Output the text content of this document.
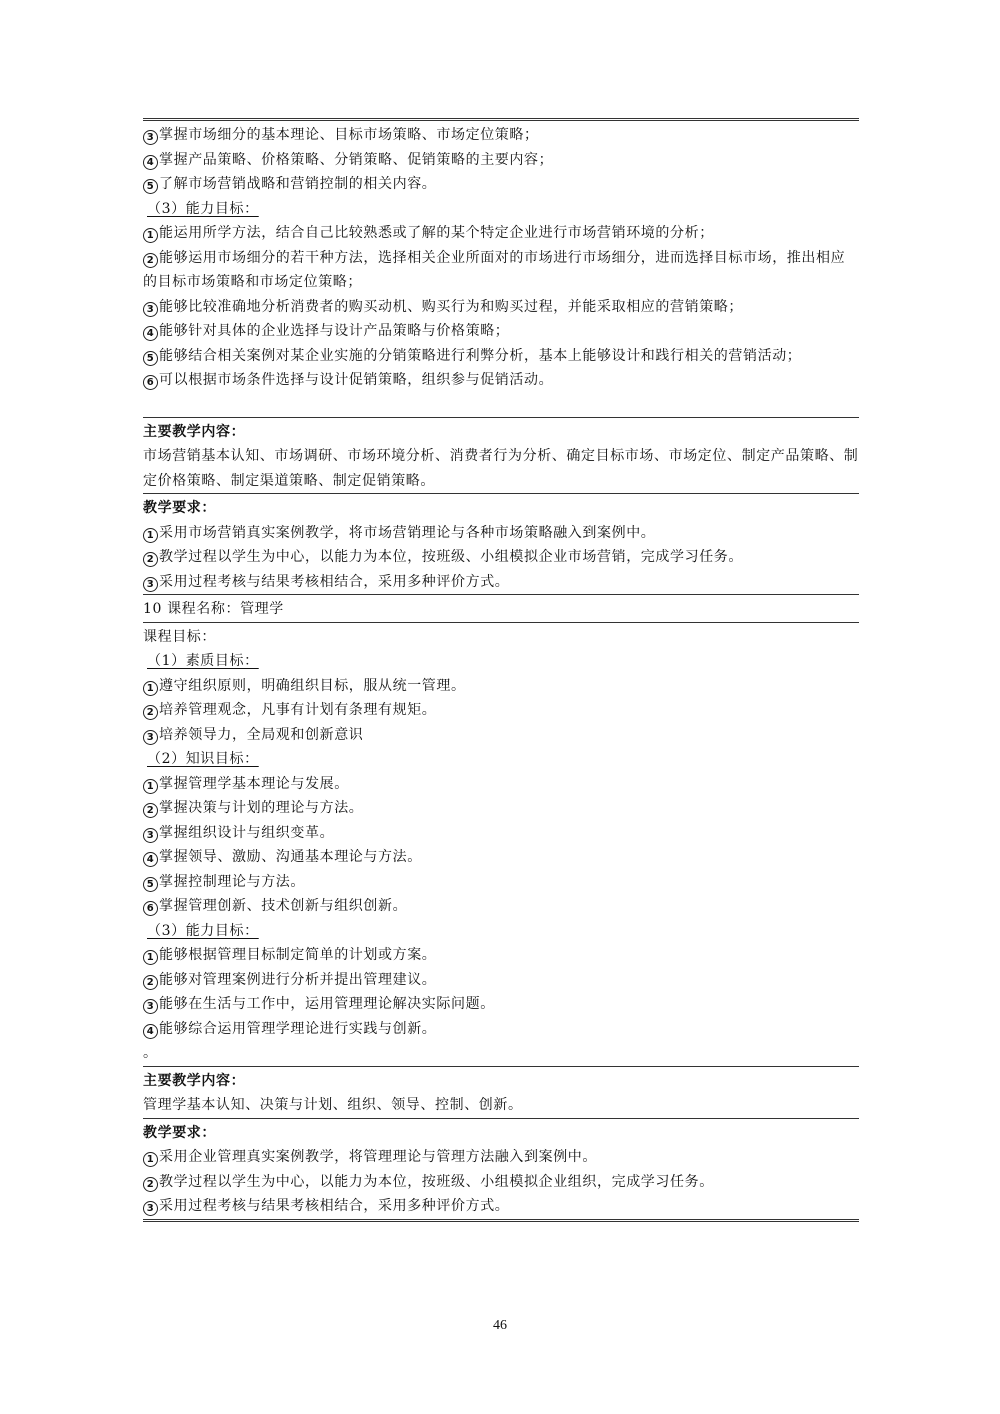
3 掌握市场细分的基本理论、目标市场策略、市场定位策略；
4 掌握产品策略、价格策略、分销策略、促销策略的主要内容；
5 了解市场营销战略和营销控制的相关内容。
（3）能力目标：
1 能运用所学方法，结合自己比较熟悉或了解的某个特定企业进行市场营销环境的分析；
2 能够运用市场细分的若干种方法，选择相关企业所面对的市场进行市场细分，进而选择目标市场，推出相应的目标市场策略和市场定位策略；
3 能够比较准确地分析消费者的购买动机、购买行为和购买过程，并能采取相应的营销策略；
4 能够针对具体的企业选择与设计产品策略与价格策略；
5 能够结合相关案例对某企业实施的分销策略进行利弊分析，基本上能够设计和践行相关的营销活动；
6 可以根据市场条件选择与设计促销策略，组织参与促销活动。
主要教学内容：
市场营销基本认知、市场调研、市场环境分析、消费者行为分析、确定目标市场、市场定位、制定产品策略、制定价格策略、制定渠道策略、制定促销策略。
教学要求：
1 采用市场营销真实案例教学，将市场营销理论与各种市场策略融入到案例中。
2 教学过程以学生为中心，以能力为本位，按班级、小组模拟企业市场营销，完成学习任务。
3 采用过程考核与结果考核相结合，采用多种评价方式。
10 课程名称：管理学
课程目标：
（1）素质目标：
1 遵守组织原则，明确组织目标，服从统一管理。
2 培养管理观念，凡事有计划有条理有规矩。
3 培养领导力，全局观和创新意识
（2）知识目标：
1 掌握管理学基本理论与发展。
2 掌握决策与计划的理论与方法。
3 掌握组织设计与组织变革。
4 掌握领导、激励、沟通基本理论与方法。
5 掌握控制理论与方法。
6 掌握管理创新、技术创新与组织创新。
（3）能力目标：
1 能够根据管理目标制定简单的计划或方案。
2 能够对管理案例进行分析并提出管理建议。
3 能够在生活与工作中，运用管理理论解决实际问题。
4 能够综合运用管理学理论进行实践与创新。
。
主要教学内容：
管理学基本认知、决策与计划、组织、领导、控制、创新。
教学要求：
1 采用企业管理真实案例教学，将管理理论与管理方法融入到案例中。
2 教学过程以学生为中心，以能力为本位，按班级、小组模拟企业组织，完成学习任务。
3 采用过程考核与结果考核相结合，采用多种评价方式。
46
